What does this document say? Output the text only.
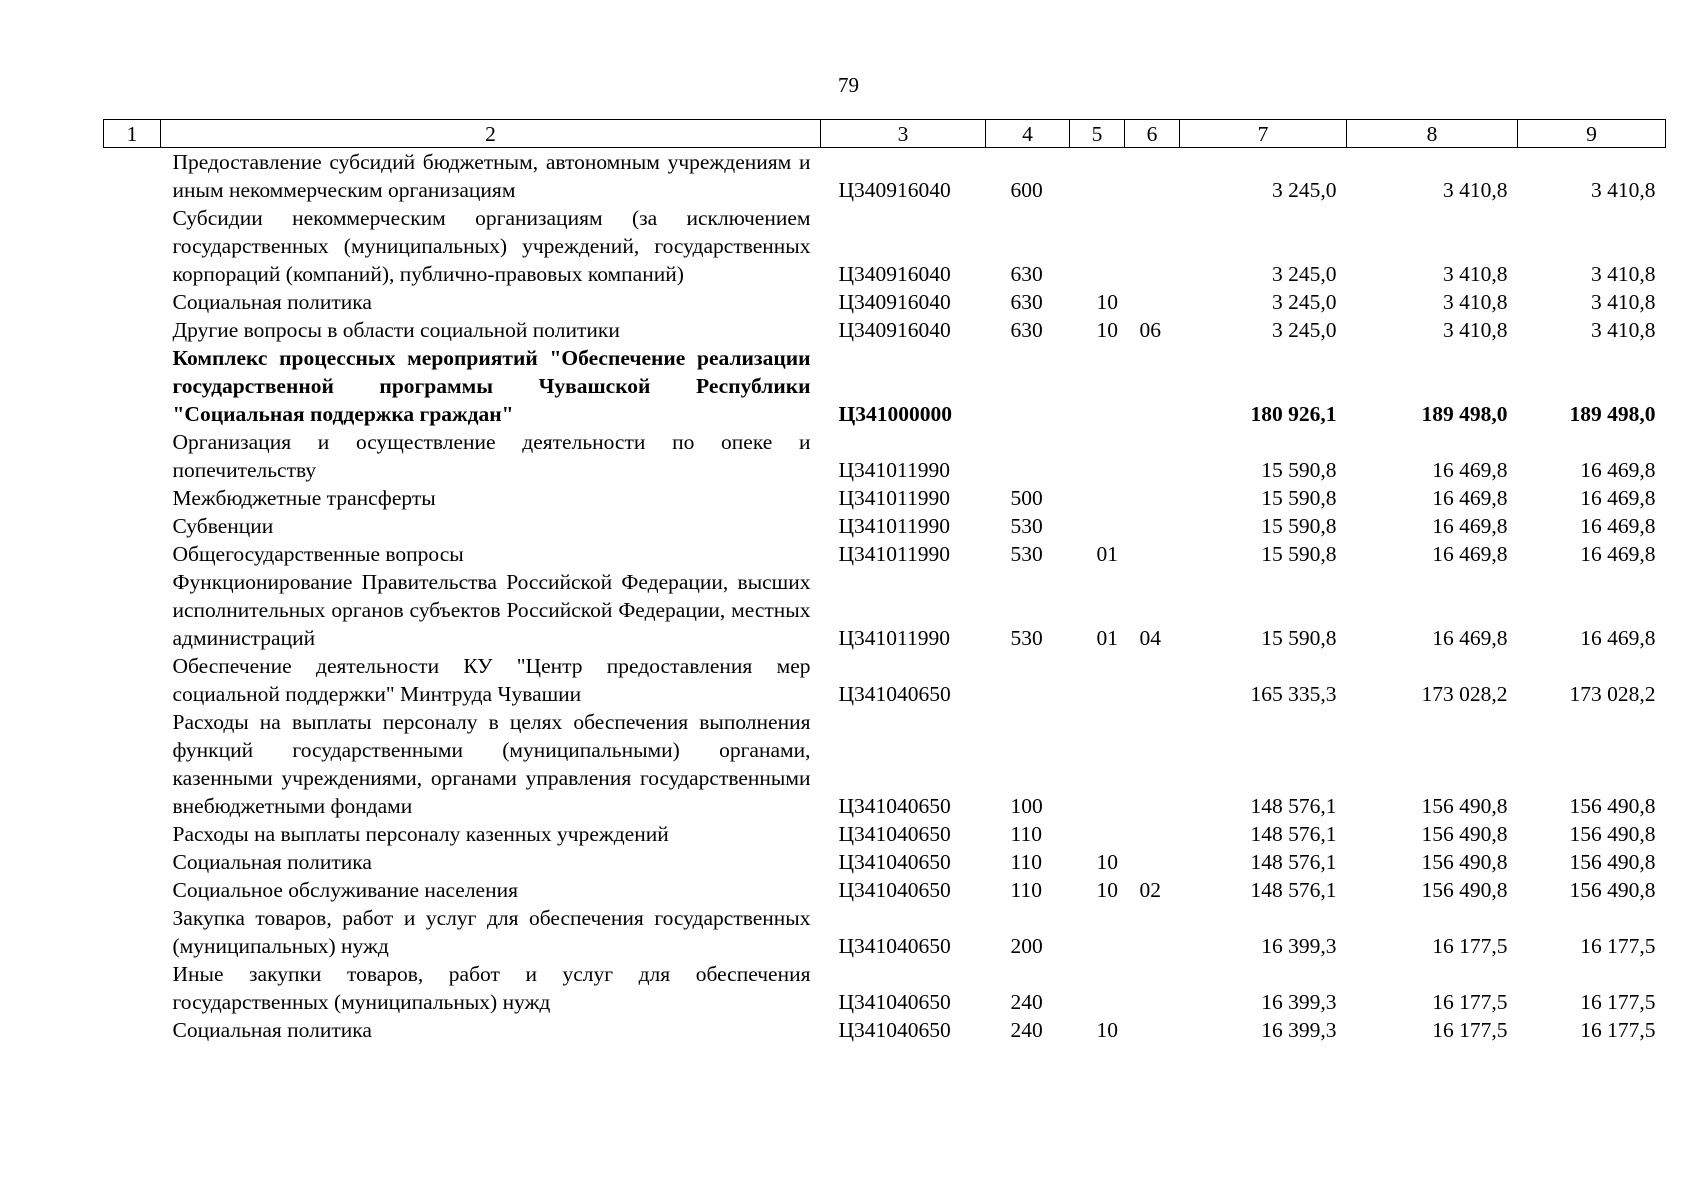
79
1	2	3	4	5	6	7	8	9
	Предоставление субсидий бюджетным, автономным учреждениям и иным некоммерческим организациям	Ц340916040	600			3 245,0	3 410,8	3 410,8
	Субсидии некоммерческим организациям (за исключением государственных (муниципальных) учреждений, государственных корпораций (компаний), публично-правовых компаний)	Ц340916040	630			3 245,0	3 410,8	3 410,8
	Социальная политика	Ц340916040	630	10		3 245,0	3 410,8	3 410,8
	Другие вопросы в области социальной политики	Ц340916040	630	10	06	3 245,0	3 410,8	3 410,8
	Комплекс процессных мероприятий "Обеспечение реализации государственной программы Чувашской Республики "Социальная поддержка граждан"	Ц341000000				180 926,1	189 498,0	189 498,0
	Организация и осуществление деятельности по опеке и попечительству	Ц341011990				15 590,8	16 469,8	16 469,8
	Межбюджетные трансферты	Ц341011990	500			15 590,8	16 469,8	16 469,8
	Субвенции	Ц341011990	530			15 590,8	16 469,8	16 469,8
	Общегосударственные вопросы	Ц341011990	530	01		15 590,8	16 469,8	16 469,8
	Функционирование Правительства Российской Федерации, высших исполнительных органов субъектов Российской Федерации, местных администраций	Ц341011990	530	01	04	15 590,8	16 469,8	16 469,8
	Обеспечение деятельности КУ "Центр предоставления мер социальной поддержки" Минтруда Чувашии	Ц341040650				165 335,3	173 028,2	173 028,2
	Расходы на выплаты персоналу в целях обеспечения выполнения функций государственными (муниципальными) органами, казенными учреждениями, органами управления государственными внебюджетными фондами	Ц341040650	100			148 576,1	156 490,8	156 490,8
	Расходы на выплаты персоналу казенных учреждений	Ц341040650	110			148 576,1	156 490,8	156 490,8
	Социальная политика	Ц341040650	110	10		148 576,1	156 490,8	156 490,8
	Социальное обслуживание населения	Ц341040650	110	10	02	148 576,1	156 490,8	156 490,8
	Закупка товаров, работ и услуг для обеспечения государственных (муниципальных) нужд	Ц341040650	200			16 399,3	16 177,5	16 177,5
	Иные закупки товаров, работ и услуг для обеспечения государственных (муниципальных) нужд	Ц341040650	240			16 399,3	16 177,5	16 177,5
	Социальная политика	Ц341040650	240	10		16 399,3	16 177,5	16 177,5
